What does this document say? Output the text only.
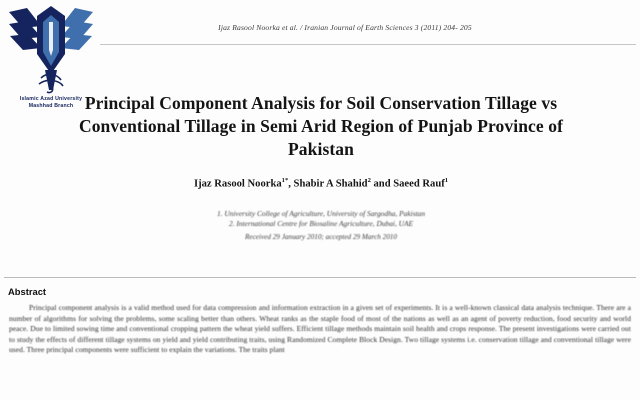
Islamic Azad University
Mashhad Branch
Ijaz Rasool Noorka et al. / Iranian Journal of Earth Sciences 3 (2011) 204- 205
Principal Component Analysis for Soil Conservation Tillage vs Conventional Tillage in Semi Arid Region of Punjab Province of Pakistan
Ijaz Rasool Noorka$^{1*}$, Shabir A Shahid$^2$ and Saeed Rauf$^1$
1. University College of Agriculture, University of Sargodha, Pakistan
2. International Centre for Biosaline Agriculture, Dubai, UAE
Received 29 January 2010; accepted 29 March 2010
Abstract
Principal component analysis is a valid method used for data compression and information extraction in a given set of experiments. It is a well-known classical data analysis technique. There are a number of algorithms for solving the problems, some scaling better than others. Wheat ranks as the staple food of most of the nations as well as an agent of poverty reduction, food security and world peace. Due to limited sowing time and conventional cropping pattern the wheat yield suffers. Efficient tillage methods maintain soil health and crops response. The present investigations were carried out to study the effects of different tillage systems on yield and yield contributing traits, using Randomized Complete Block Design. Two tillage systems i.e. conservation tillage and conventional tillage were used. Three principal components were sufficient to explain the variations. The traits plant
